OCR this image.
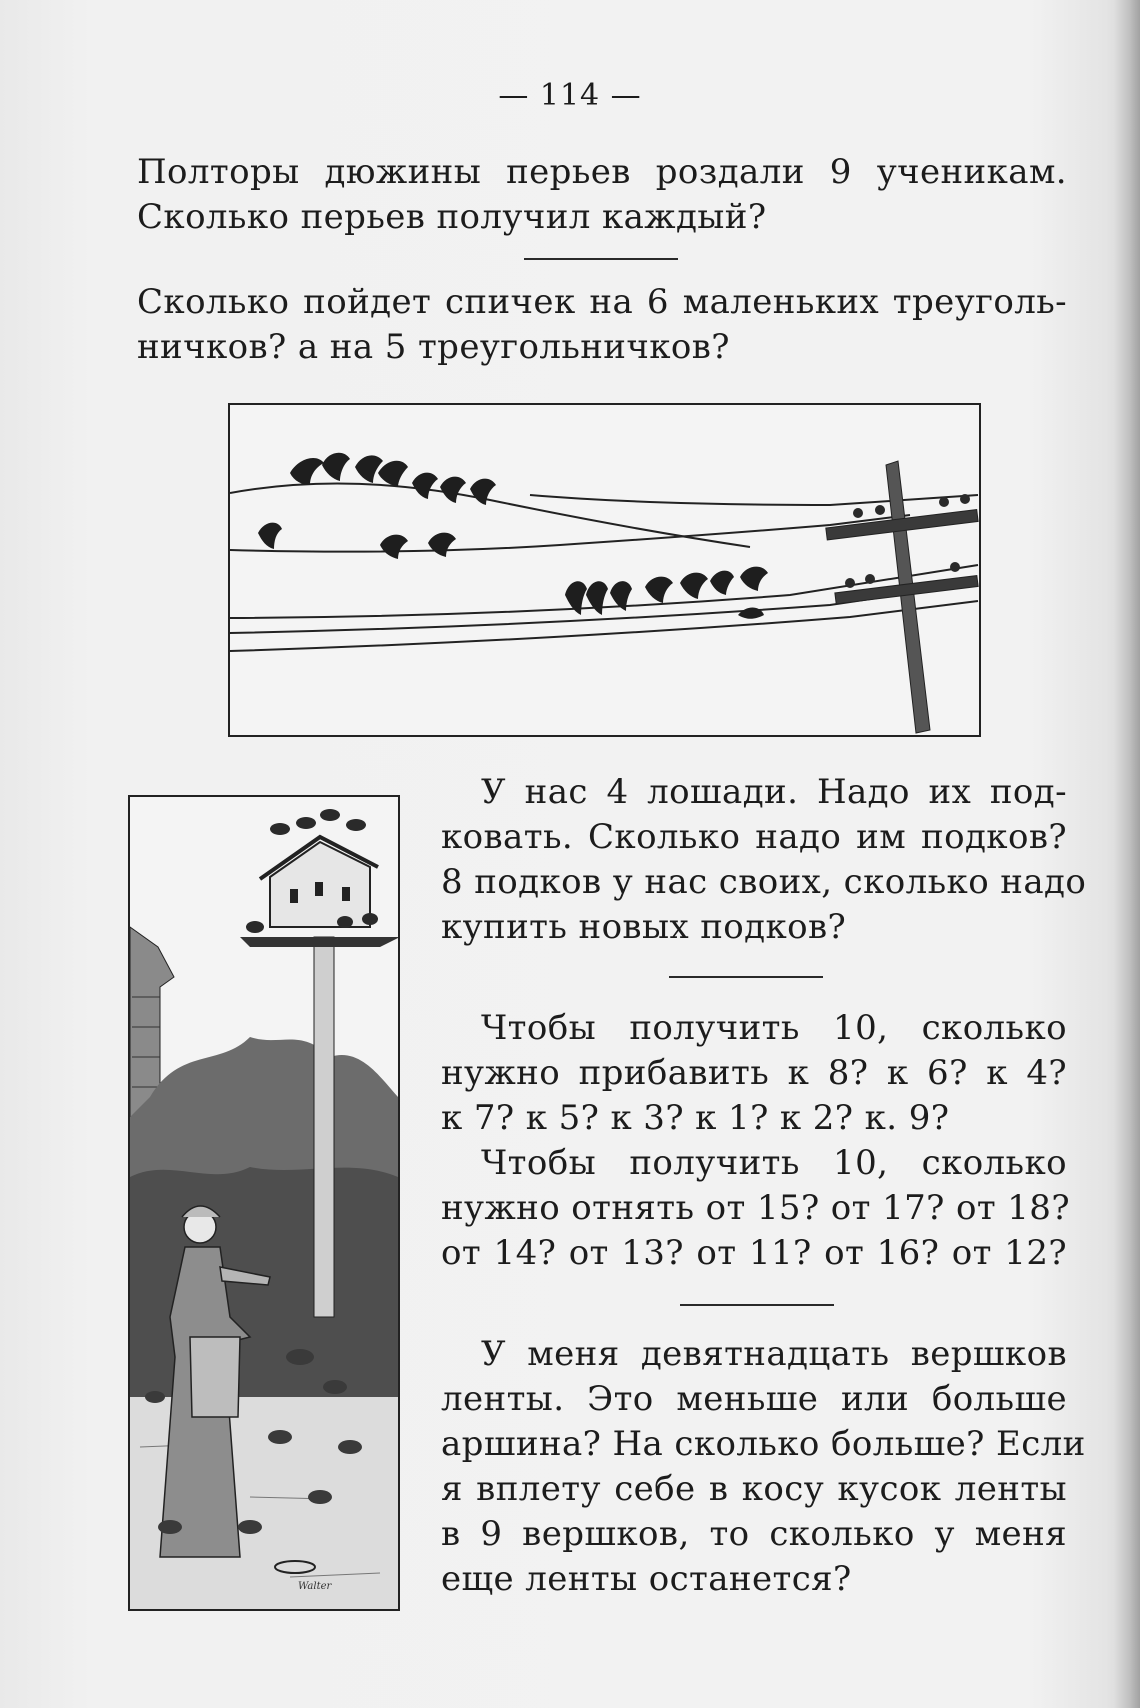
— 114 —
Полторы дюжины перьев роздали 9 ученикам.
Сколько перьев получил каждый?
Сколько пойдет спичек на 6 маленьких треуголь-
ничков? а на 5 треугольничков?
Walter
У нас 4 лошади. Надо их под-
ковать. Сколько надо им подков?
8 подков у нас своих, сколько надо
купить новых подков?
Чтобы получить 10, сколько
нужно прибавить к 8? к 6? к 4?
к 7? к 5? к 3? к 1? к 2? к. 9?
Чтобы получить 10, сколько
нужно отнять от 15? от 17? от 18?
от 14? от 13? от 11? от 16? от 12?
У меня девятнадцать вершков
ленты. Это меньше или больше
аршина? На сколько больше? Если
я вплету себе в косу кусок ленты
в 9 вершков, то сколько у меня
еще ленты останется?
